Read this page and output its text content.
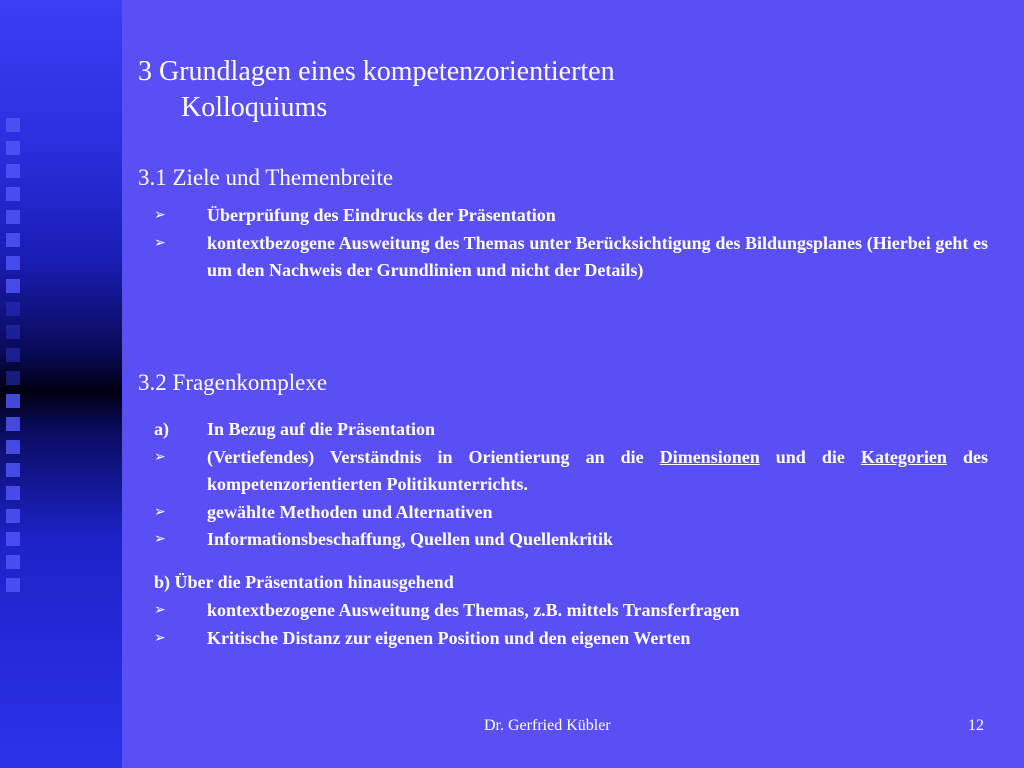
3 Grundlagen eines kompetenzorientierten
Kolloquiums
3.1 Ziele und Themenbreite
➢	Überprüfung des Eindrucks der Präsentation
➢	kontextbezogene Ausweitung des Themas unter Berücksichtigung des Bildungsplanes (Hierbei geht es um den Nachweis der Grundlinien und nicht der Details)
3.2 Fragenkomplexe
a)	In Bezug auf die Präsentation
➢	(Vertiefendes) Verständnis in Orientierung an die Dimensionen und die Kategorien des kompetenzorientierten Politikunterrichts.
➢	gewählte Methoden und Alternativen
➢	Informationsbeschaffung, Quellen und Quellenkritik
b) Über die Präsentation hinausgehend
➢	kontextbezogene Ausweitung des Themas, z.B. mittels Transferfragen
➢	Kritische Distanz zur eigenen Position und den eigenen Werten
Dr. Gerfried Kübler	12
